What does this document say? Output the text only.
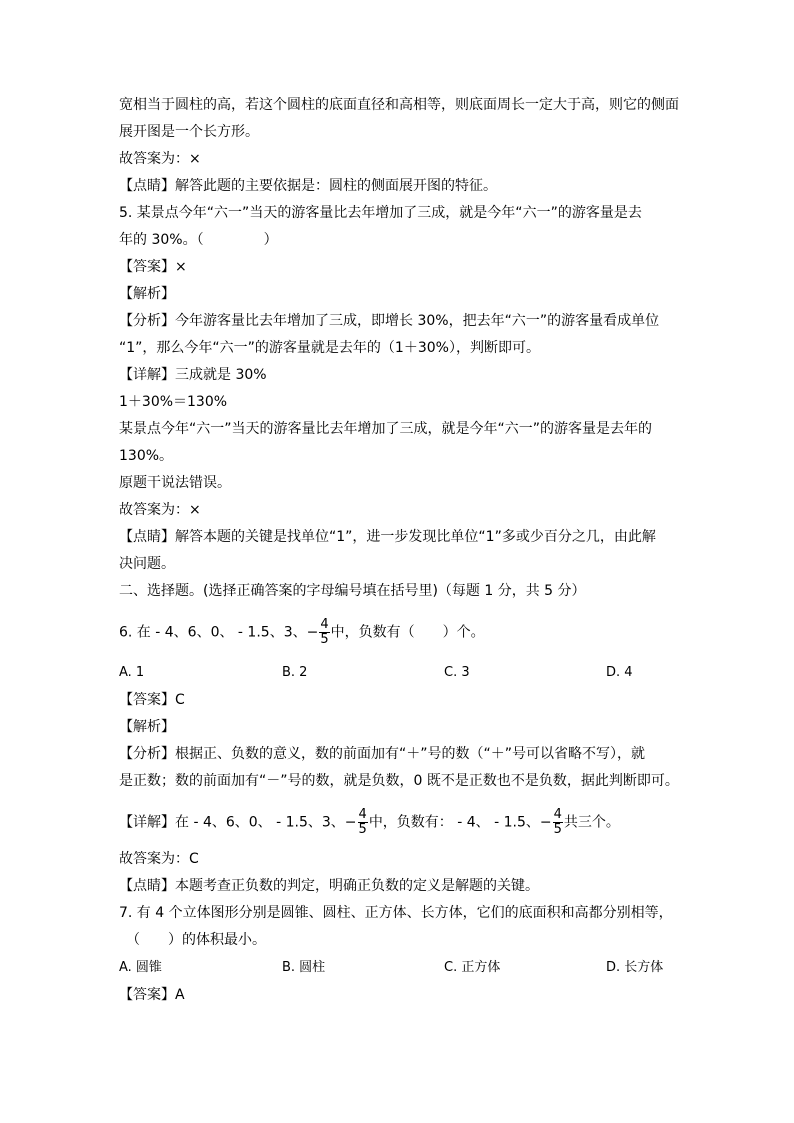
宽相当于圆柱的高，若这个圆柱的底面直径和高相等，则底面周长一定大于高，则它的侧面
展开图是一个长方形。
故答案为：×
【点睛】解答此题的主要依据是：圆柱的侧面展开图的特征。
5. 某景点今年“六一”当天的游客量比去年增加了三成，就是今年“六一”的游客量是去
年的 30%。（	）
【答案】×
【解析】
【分析】今年游客量比去年增加了三成，即增长 30%，把去年“六一”的游客量看成单位
“1”，那么今年“六一”的游客量就是去年的（1＋30%），判断即可。
【详解】三成就是 30%
1＋30%＝130%
某景点今年“六一”当天的游客量比去年增加了三成，就是今年“六一”的游客量是去年的
130%。
原题干说法错误。
故答案为：×
【点睛】解答本题的关键是找单位“1”，进一步发现比单位“1”多或少百分之几，由此解
决问题。
二、选择题。(选择正确答案的字母编号填在括号里)（每题 1 分，共 5 分）
6. 在 - 4、6、0、 - 1.5、3、− $\frac{4}{5}$ 中，负数有（　　）个。
A. 1	B. 2	C. 3	D. 4
【答案】C
【解析】
【分析】根据正、负数的意义，数的前面加有“＋”号的数（“＋”号可以省略不写），就
是正数；数的前面加有“－”号的数，就是负数，0 既不是正数也不是负数，据此判断即可。
【详解】在 - 4、6、0、 - 1.5、3、− $\frac{4}{5}$ 中，负数有： - 4、 - 1.5、− $\frac{4}{5}$ 共三个。
故答案为：C
【点睛】本题考查正负数的判定，明确正负数的定义是解题的关键。
7. 有 4 个立体图形分别是圆锥、圆柱、正方体、长方体，它们的底面积和高都分别相等，
（　　）的体积最小。
A. 圆锥	B. 圆柱	C. 正方体	D. 长方体
【答案】A
